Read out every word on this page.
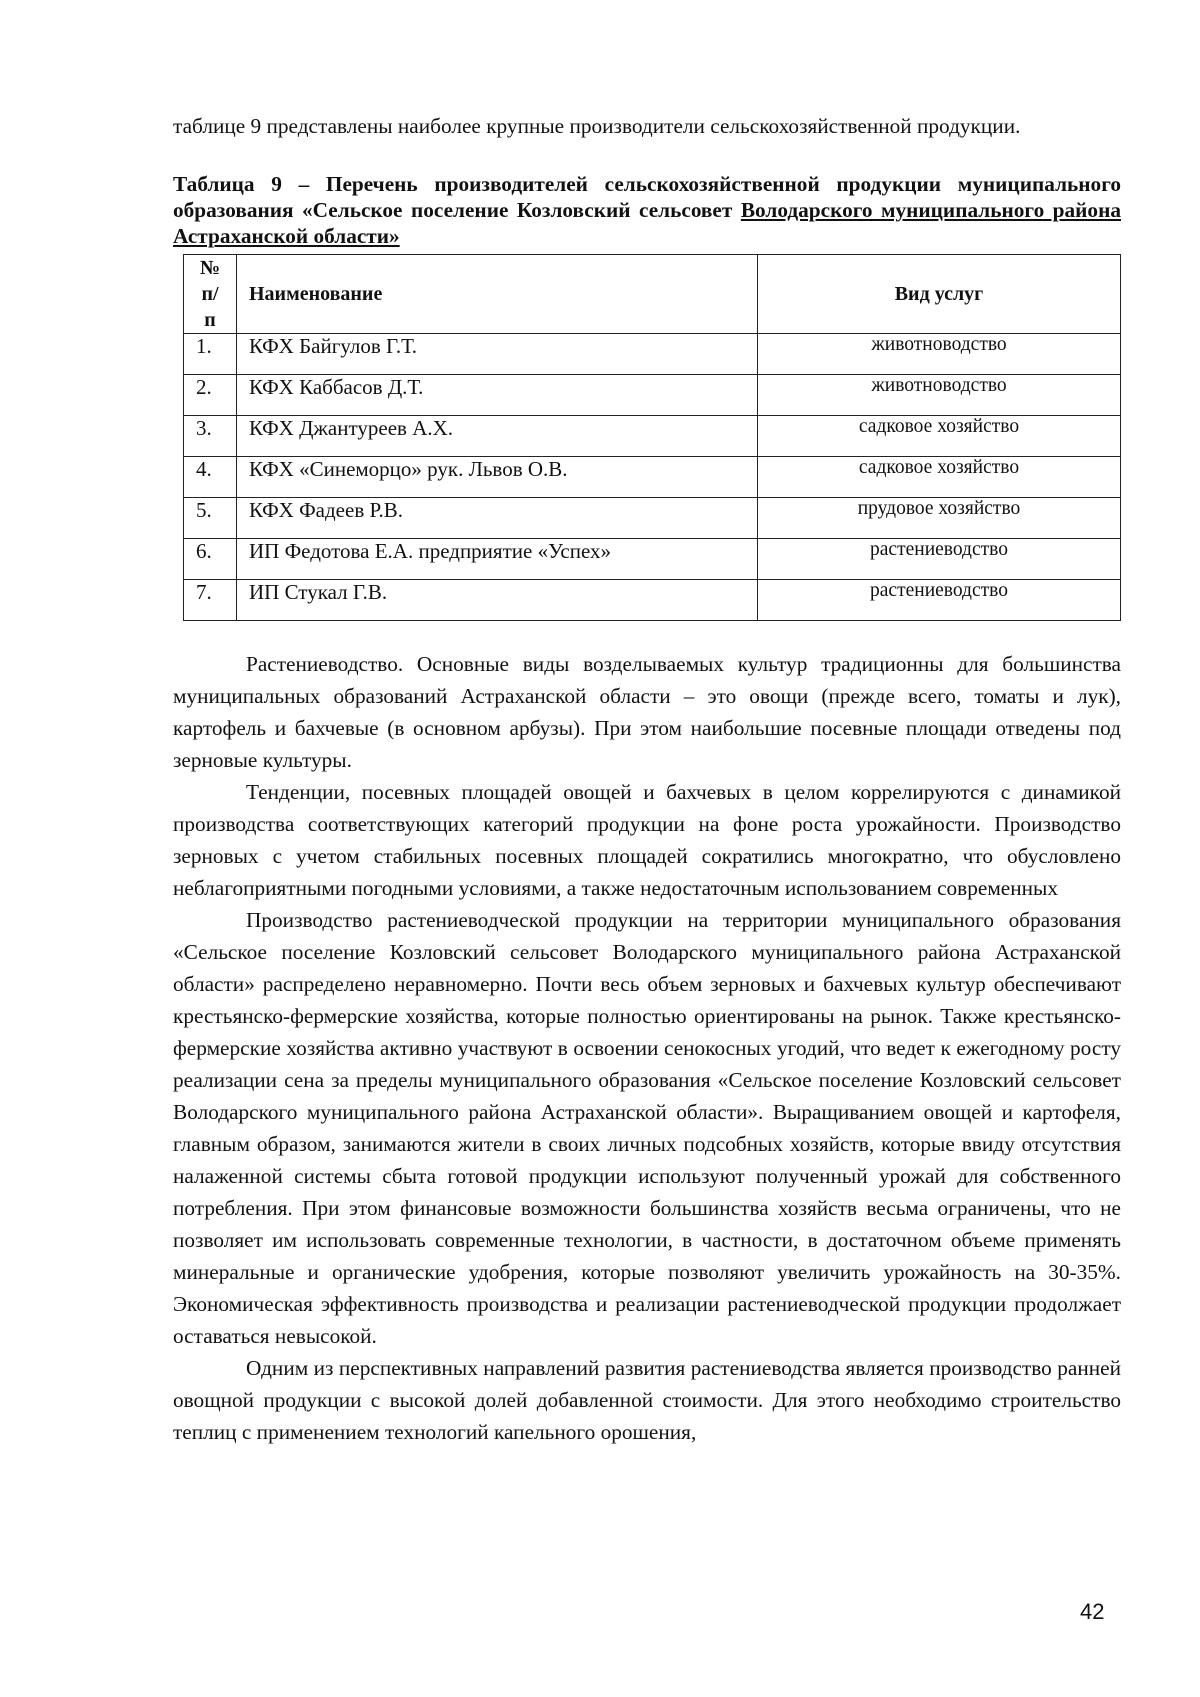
таблице 9 представлены наиболее крупные производители сельскохозяйственной продукции.

Таблица 9 – Перечень производителей сельскохозяйственной продукции муниципального образования «Сельское поселение Козловский сельсовет Володарского муниципального района Астраханской области»

№ п/п	Наименование	Вид услуг
1.	КФХ Байгулов Г.Т.	животноводство
2.	КФХ Каббасов Д.Т.	животноводство
3.	КФХ Джантуреев А.Х.	садковое хозяйство
4.	КФХ «Синеморцо» рук. Львов О.В.	садковое хозяйство
5.	КФХ Фадеев Р.В.	прудовое хозяйство
6.	ИП Федотова Е.А. предприятие «Успех»	растениеводство
7.	ИП Стукал Г.В.	растениеводство

Растениеводство. Основные виды возделываемых культур традиционны для большинства муниципальных образований Астраханской области – это овощи (прежде всего, томаты и лук), картофель и бахчевые (в основном арбузы). При этом наибольшие посевные площади отведены под зерновые культуры.

Тенденции, посевных площадей овощей и бахчевых в целом коррелируются с динамикой производства соответствующих категорий продукции на фоне роста урожайности. Производство зерновых с учетом стабильных посевных площадей сократились многократно, что обусловлено неблагоприятными погодными условиями, а также недостаточным использованием современных

Производство растениеводческой продукции на территории муниципального образования «Сельское поселение Козловский сельсовет Володарского муниципального района Астраханской области» распределено неравномерно. Почти весь объем зерновых и бахчевых культур обеспечивают крестьянско-фермерские хозяйства, которые полностью ориентированы на рынок. Также крестьянско-фермерские хозяйства активно участвуют в освоении сенокосных угодий, что ведет к ежегодному росту реализации сена за пределы муниципального образования «Сельское поселение Козловский сельсовет Володарского муниципального района Астраханской области». Выращиванием овощей и картофеля, главным образом, занимаются жители в своих личных подсобных хозяйств, которые ввиду отсутствия налаженной системы сбыта готовой продукции используют полученный урожай для собственного потребления. При этом финансовые возможности большинства хозяйств весьма ограничены, что не позволяет им использовать современные технологии, в частности, в достаточном объеме применять минеральные и органические удобрения, которые позволяют увеличить урожайность на 30-35%. Экономическая эффективность производства и реализации растениеводческой продукции продолжает оставаться невысокой.

Одним из перспективных направлений развития растениеводства является производство ранней овощной продукции с высокой долей добавленной стоимости. Для этого необходимо строительство теплиц с применением технологий капельного орошения,

42
